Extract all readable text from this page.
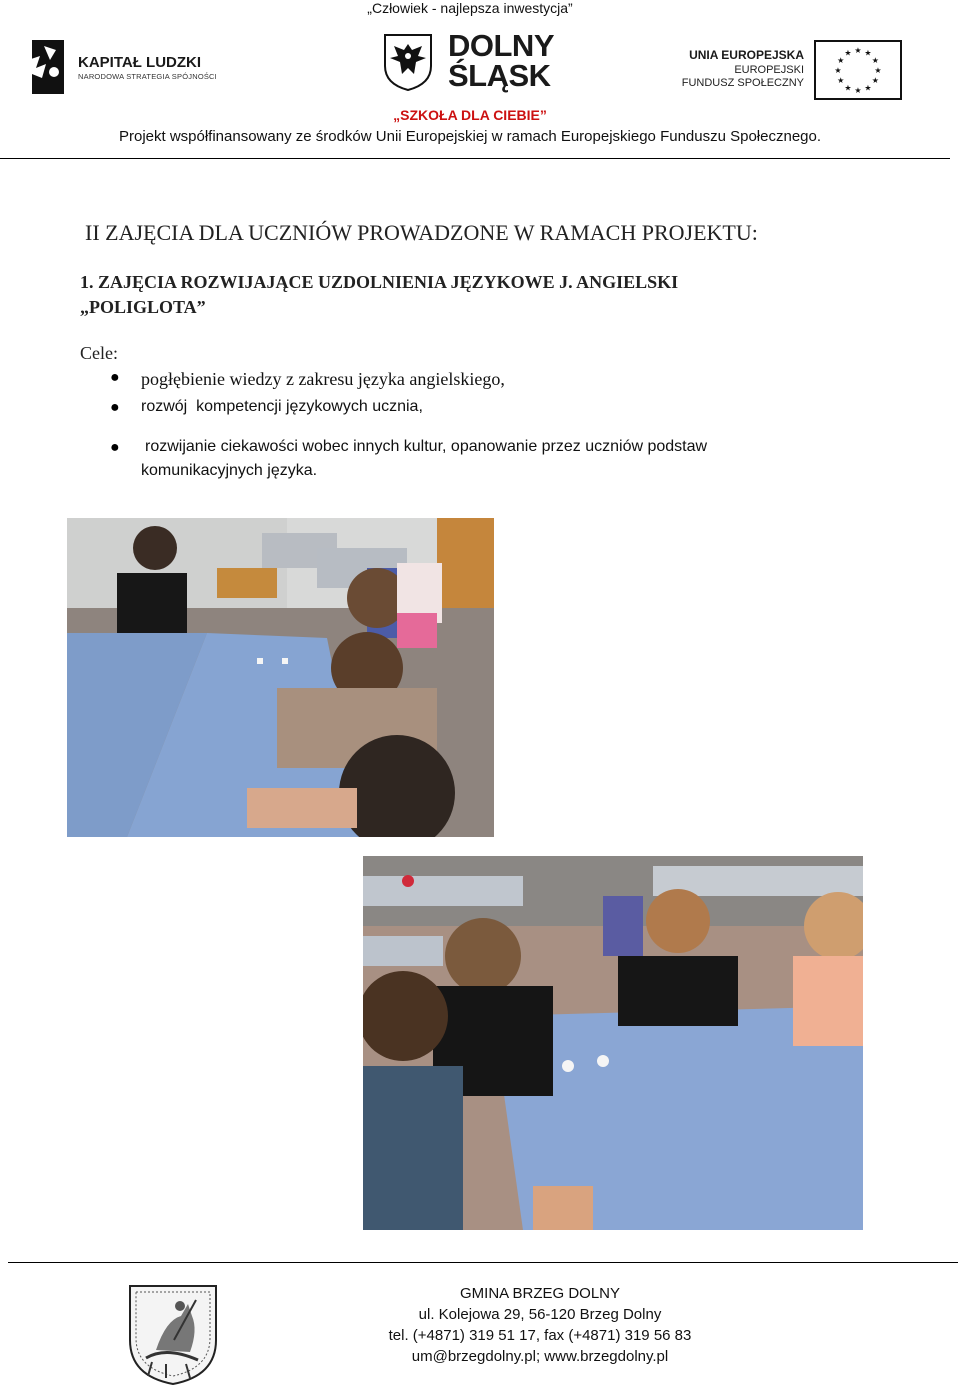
„Człowiek - najlepsza inwestycja”
KAPITAŁ LUDZKI
NARODOWA STRATEGIA SPÓJNOŚCI
DOLNY
ŚLĄSK
UNIA EUROPEJSKA
EUROPEJSKI
FUNDUSZ SPOŁECZNY
★
★
★
★
★
★
★
★
★ ★ ★
★
„SZKOŁA DLA CIEBIE”
Projekt współfinansowany ze środków Unii Europejskiej w ramach Europejskiego Funduszu Społecznego.
II ZAJĘCIA DLA UCZNIÓW PROWADZONE W RAMACH PROJEKTU:
1. ZAJĘCIA ROZWIJAJĄCE UZDOLNIENIA JĘZYKOWE J. ANGIELSKI
„POLIGLOTA”
Cele:
● pogłębienie wiedzy z zakresu języka angielskiego,
● rozwój  kompetencji językowych ucznia,
● rozwijanie ciekawości wobec innych kultur, opanowanie przez uczniów podstaw
komunikacyjnych języka.
GMINA BRZEG DOLNY
ul. Kolejowa 29, 56-120 Brzeg Dolny
tel. (+4871) 319 51 17, fax (+4871) 319 56 83
um@brzegdolny.pl; www.brzegdolny.pl
